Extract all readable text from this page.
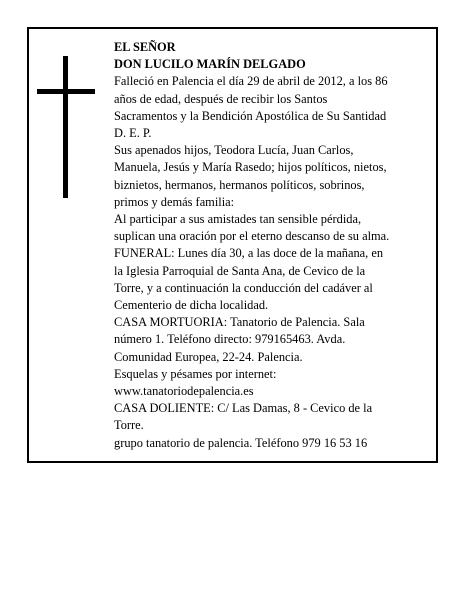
EL SEÑOR
DON LUCILO MARÍN DELGADO
Falleció en Palencia el día 29 de abril de 2012, a los 86
años de edad, después de recibir los Santos
Sacramentos y la Bendición Apostólica de Su Santidad
D. E. P.
Sus apenados hijos, Teodora Lucía, Juan Carlos,
Manuela, Jesús y María Rasedo; hijos políticos, nietos,
biznietos, hermanos, hermanos políticos, sobrinos,
primos y demás familia:
Al participar a sus amistades tan sensible pérdida,
suplican una oración por el eterno descanso de su alma.
FUNERAL: Lunes día 30, a las doce de la mañana, en
la Iglesia Parroquial de Santa Ana, de Cevico de la
Torre, y a continuación la conducción del cadáver al
Cementerio de dicha localidad.
CASA MORTUORIA: Tanatorio de Palencia. Sala
número 1. Teléfono directo: 979165463. Avda.
Comunidad Europea, 22-24. Palencia.
Esquelas y pésames por internet:
www.tanatoriodepalencia.es
CASA DOLIENTE: C/ Las Damas, 8 - Cevico de la
Torre.
grupo tanatorio de palencia. Teléfono 979 16 53 16
